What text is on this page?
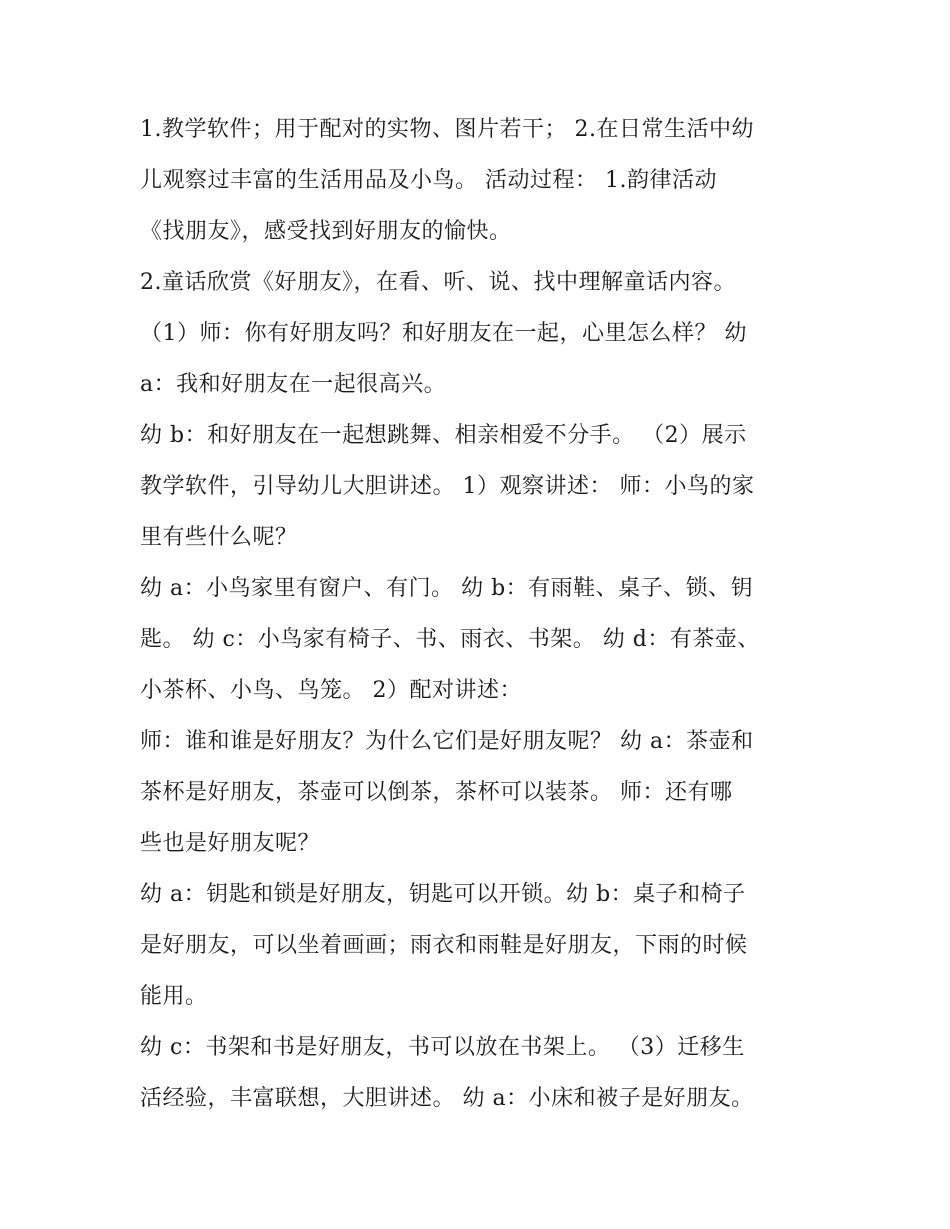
1.教学软件；用于配对的实物、图片若干； 2.在日常生活中幼
儿观察过丰富的生活用品及小鸟。 活动过程： 1.韵律活动
《找朋友》，感受找到好朋友的愉快。
2.童话欣赏《好朋友》，在看、听、说、找中理解童话内容。
（1）师：你有好朋友吗？和好朋友在一起，心里怎么样？ 幼
a：我和好朋友在一起很高兴。
幼 b：和好朋友在一起想跳舞、相亲相爱不分手。 （2）展示
教学软件，引导幼儿大胆讲述。 1）观察讲述： 师：小鸟的家
里有些什么呢？
幼 a：小鸟家里有窗户、有门。 幼 b：有雨鞋、桌子、锁、钥
匙。 幼 c：小鸟家有椅子、书、雨衣、书架。 幼 d：有茶壶、
小茶杯、小鸟、鸟笼。 2）配对讲述：
师：谁和谁是好朋友？为什么它们是好朋友呢？ 幼 a：茶壶和
茶杯是好朋友，茶壶可以倒茶，茶杯可以装茶。 师：还有哪
些也是好朋友呢？
幼 a：钥匙和锁是好朋友，钥匙可以开锁。幼 b：桌子和椅子
是好朋友，可以坐着画画；雨衣和雨鞋是好朋友，下雨的时候
能用。
幼 c：书架和书是好朋友，书可以放在书架上。 （3）迁移生
活经验，丰富联想，大胆讲述。 幼 a：小床和被子是好朋友。
